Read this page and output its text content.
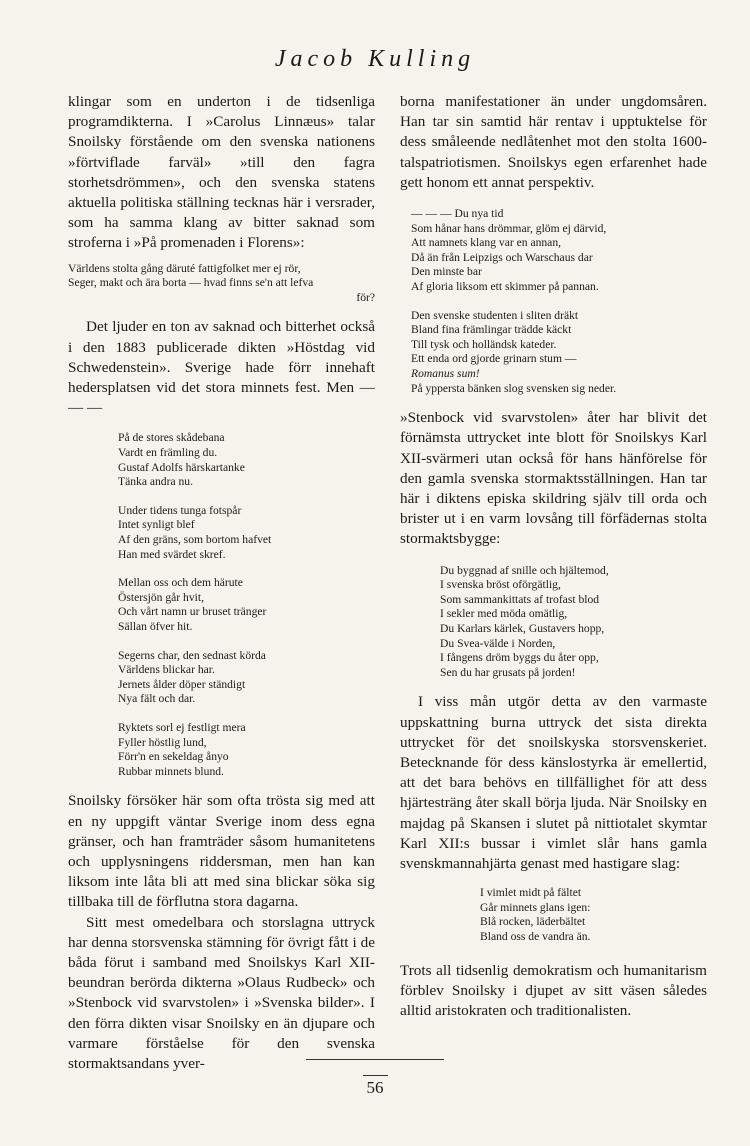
Jacob Kulling

klingar som en underton i de tidsenliga programdikterna. I »Carolus Linnæus» talar Snoilsky förstående om den svenska nationens »förtviflade farväl» »till den fagra storhetsdrömmen», och den svenska statens aktuella politiska ställning tecknas här i versrader, som ha samma klang av bitter saknad som stroferna i »På promenaden i Florens»:

Världens stolta gång däruté fattigfolket mer ej rör,
Seger, makt och ära borta — hvad finns se'n att lefva
för?

Det ljuder en ton av saknad och bitterhet också i den 1883 publicerade dikten »Höstdag vid Schwedenstein». Sverige hade förr innehaft hedersplatsen vid det stora minnets fest. Men — — —

På de stores skådebana
Vardt en främling du.
Gustaf Adolfs härskartanke
Tänka andra nu.
Under tidens tunga fotspår
Intet synligt blef
Af den gräns, som bortom hafvet
Han med svärdet skref.
Mellan oss och dem härute
Östersjön går hvit,
Och vårt namn ur bruset tränger
Sällan öfver hit.
Segerns char, den sednast körda
Världens blickar har.
Jernets ålder döper ständigt
Nya fält och dar.
Ryktets sorl ej festligt mera
Fyller höstlig lund,
Förr'n en sekeldag ånyo
Rubbar minnets blund.

Snoilsky försöker här som ofta trösta sig med att en ny uppgift väntar Sverige inom dess egna gränser, och han framträder såsom humanitetens och upplysningens riddersman, men han kan liksom inte låta bli att med sina blickar söka sig tillbaka till de förflutna stora dagarna.

Sitt mest omedelbara och storslagna uttryck har denna storsvenska stämning för övrigt fått i de båda förut i samband med Snoilskys Karl XII-beundran berörda dikterna »Olaus Rudbeck» och »Stenbock vid svarvstolen» i »Svenska bilder». I den förra dikten visar Snoilsky en än djupare och varmare förståelse för den svenska stormaktsandans yver-

borna manifestationer än under ungdomsåren. Han tar sin samtid här rentav i upptuktelse för dess småleende nedlåtenhet mot den stolta 1600-talspatriotismen. Snoilskys egen erfarenhet hade gett honom ett annat perspektiv.

— — — Du nya tid
Som hånar hans drömmar, glöm ej därvid,
Att namnets klang var en annan,
Då än från Leipzigs och Warschaus dar
Den minste bar
Af gloria liksom ett skimmer på pannan.
Den svenske studenten i sliten dräkt
Bland fina främlingar trädde käckt
Till tysk och holländsk kateder.
Ett enda ord gjorde grinarn stum —
Romanus sum!
På yppersta bänken slog svensken sig neder.

»Stenbock vid svarvstolen» åter har blivit det förnämsta uttrycket inte blott för Snoilskys Karl XII-svärmeri utan också för hans hänförelse för den gamla svenska stormaktsställningen. Han tar här i diktens episka skildring själv till orda och brister ut i en varm lovsång till förfädernas stolta stormaktsbygge:

Du byggnad af snille och hjältemod,
I svenska bröst oförgätlig,
Som sammankittats af trofast blod
I sekler med möda omätlig,
Du Karlars kärlek, Gustavers hopp,
Du Svea-välde i Norden,
I fångens dröm byggs du åter opp,
Sen du har grusats på jorden!

I viss mån utgör detta av den varmaste uppskattning burna uttryck det sista direkta uttrycket för det snoilskyska storsvenskeriet. Betecknande för dess känslostyrka är emellertid, att det bara behövs en tillfällighet för att dess hjärtesträng åter skall börja ljuda. När Snoilsky en majdag på Skansen i slutet på nittiotalet skymtar Karl XII:s bussar i vimlet slår hans gamla svenskmannahjärta genast med hastigare slag:

I vimlet midt på fältet
Går minnets glans igen:
Blå rocken, läderbältet
Bland oss de vandra än.

Trots all tidsenlig demokratism och humanitarism förblev Snoilsky i djupet av sitt väsen således alltid aristokraten och traditionalisten.

56
